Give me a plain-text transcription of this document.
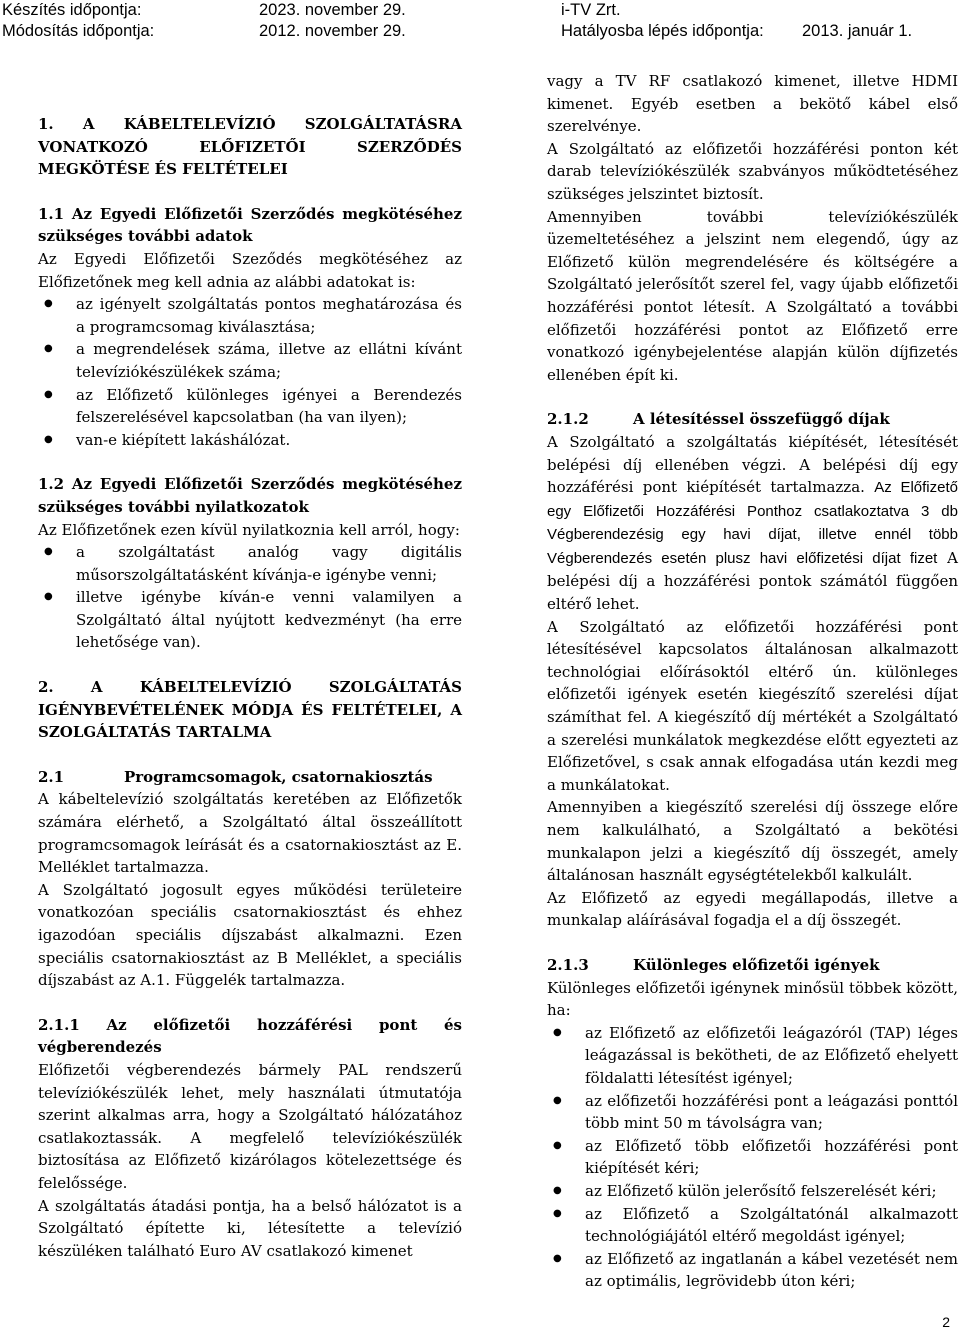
Készítés időpontja:	2023. november 29.	i-TV Zrt.
Módosítás időpontja:	2012. november 29.	Hatályosba lépés időpontja: 2013. január 1.

1. A KÁBELTELEVÍZIÓ SZOLGÁLTATÁSRA VONATKOZÓ ELŐFIZETŐI SZERZŐDÉS MEGKÖTÉSE ÉS FELTÉTELEI

1.1 Az Egyedi Előfizetői Szerződés megkötéséhez szükséges további adatok

Az Egyedi Előfizetői Szeződés megkötéséhez az Előfizetőnek meg kell adnia az alábbi adatokat is:

● az igényelt szolgáltatás pontos meghatározása és a programcsomag kiválasztása;
● a megrendelések száma, illetve az ellátni kívánt televíziókészülékek száma;
● az Előfizető különleges igényei a Berendezés felszerelésével kapcsolatban (ha van ilyen);
● van-e kiépített lakáshálózat.

1.2 Az Egyedi Előfizetői Szerződés megkötéséhez szükséges további nyilatkozatok

Az Előfizetőnek ezen kívül nyilatkoznia kell arról, hogy:

● a szolgáltatást analóg vagy digitális műsorszolgáltatásként kívánja-e igénybe venni;
● illetve igénybe kíván-e venni valamilyen a Szolgáltató által nyújtott kedvezményt (ha erre lehetősége van).

2. A KÁBELTELEVÍZIÓ SZOLGÁLTATÁS IGÉNYBEVÉTELÉNEK MÓDJA ÉS FELTÉTELEI, A SZOLGÁLTATÁS TARTALMA

2.1	Programcsomagok, csatornakiosztás

A kábeltelevízió szolgáltatás keretében az Előfizetők számára elérhető, a Szolgáltató által összeállított programcsomagok leírását és a csatornakiosztást az E. Melléklet tartalmazza.

A Szolgáltató jogosult egyes működési területeire vonatkozóan speciális csatornakiosztást és ehhez igazodóan speciális díjszabást alkalmazni. Ezen speciális csatornakiosztást az B Melléklet, a speciális díjszabást az A.1. Függelék tartalmazza.

2.1.1 Az előfizetői hozzáférési pont és végberendezés

Előfizetői végberendezés bármely PAL rendszerű televíziókészülék lehet, mely használati útmutatója szerint alkalmas arra, hogy a Szolgáltató hálózatához csatlakoztassák. A megfelelő televíziókészülék biztosítása az Előfizető kizárólagos kötelezettsége és felelőssége.

A szolgáltatás átadási pontja, ha a belső hálózatot is a Szolgáltató építette ki, létesítette a televízió készüléken található Euro AV csatlakozó kimenet

vagy a TV RF csatlakozó kimenet, illetve HDMI kimenet. Egyéb esetben a bekötő kábel első szerelvénye.

A Szolgáltató az előfizetői hozzáférési ponton két darab televíziókészülék szabványos működtetéséhez szükséges jelszintet biztosít.

Amennyiben további televíziókészülék üzemeltetéséhez a jelszint nem elegendő, úgy az Előfizető külön megrendelésére és költségére a Szolgáltató jelerősítőt szerel fel, vagy újabb előfizetői hozzáférési pontot létesít. A Szolgáltató a további előfizetői hozzáférési pontot az Előfizető erre vonatkozó igénybejelentése alapján külön díjfizetés ellenében épít ki.

2.1.2	A létesítéssel összefüggő díjak

A Szolgáltató a szolgáltatás kiépítését, létesítését belépési díj ellenében végzi. A belépési díj egy hozzáférési pont kiépítését tartalmazza. Az Előfizető egy Előfizetői Hozzáférési Ponthoz csatlakoztatva 3 db Végberendezésig egy havi díjat, illetve ennél több Végberendezés esetén plusz havi előfizetési díjat fizet A belépési díj a hozzáférési pontok számától függően eltérő lehet.

A Szolgáltató az előfizetői hozzáférési pont létesítésével kapcsolatos általánosan alkalmazott technológiai előírásoktól eltérő ún. különleges előfizetői igények esetén kiegészítő szerelési díjat számíthat fel. A kiegészítő díj mértékét a Szolgáltató a szerelési munkálatok megkezdése előtt egyezteti az Előfizetővel, s csak annak elfogadása után kezdi meg a munkálatokat.

Amennyiben a kiegészítő szerelési díj összege előre nem kalkulálható, a Szolgáltató a bekötési munkalapon jelzi a kiegészítő díj összegét, amely általánosan használt egységtételekből kalkulált.

Az Előfizető az egyedi megállapodás, illetve a munkalap aláírásával fogadja el a díj összegét.

2.1.3	Különleges előfizetői igények

Különleges előfizetői igénynek minősül többek között, ha:

● az Előfizető az előfizetői leágazóról (TAP) léges leágazással is bekötheti, de az Előfizető ehelyett földalatti létesítést igényel;
● az előfizetői hozzáférési pont a leágazási ponttól több mint 50 m távolságra van;
● az Előfizető több előfizetői hozzáférési pont kiépítését kéri;
● az Előfizető külön jelerősítő felszerelését kéri;
● az Előfizető a Szolgáltatónál alkalmazott technológiájától eltérő megoldást igényel;
● az Előfizető az ingatlanán a kábel vezetését nem az optimális, legrövidebb úton kéri;
2
